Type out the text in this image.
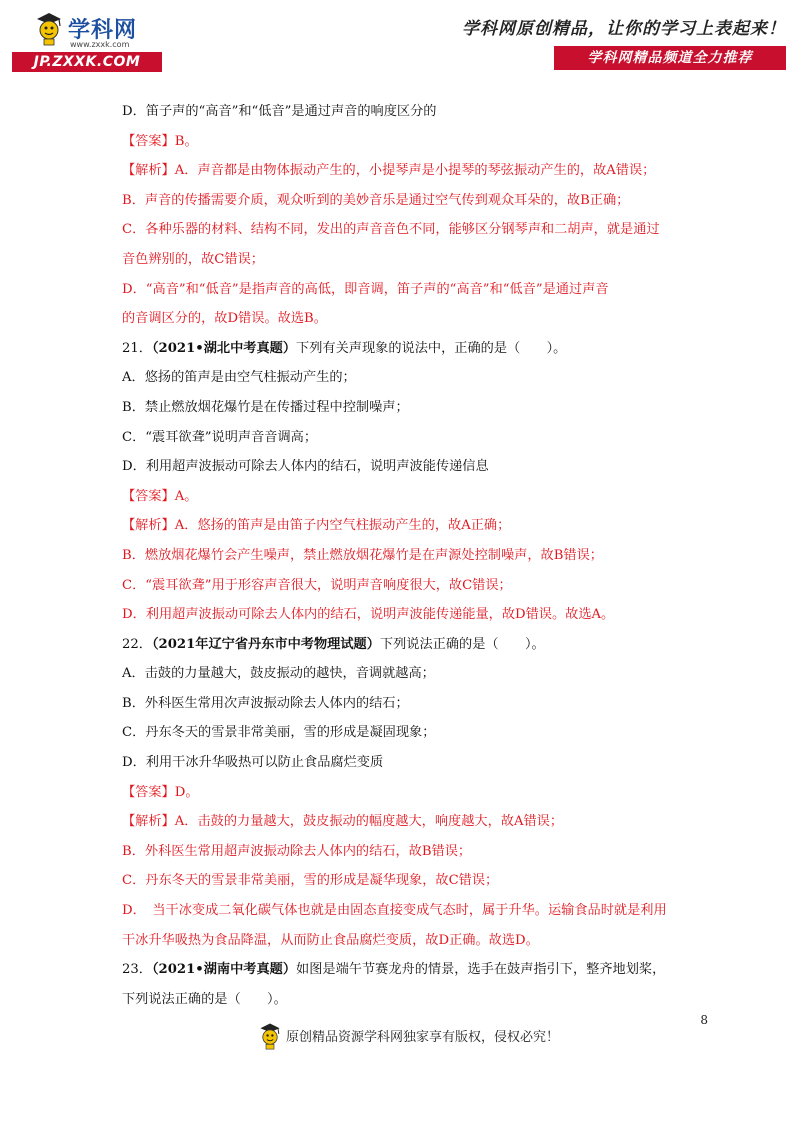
学科网
www.zxxk.com
JP.ZXXK.COM
学科网原创精品，让你的学习上表起来！
学科网精品频道全力推荐
D．笛子声的“高音”和“低音”是通过声音的响度区分的
【答案】B。
【解析】A．声音都是由物体振动产生的，小提琴声是小提琴的琴弦振动产生的，故A错误；
B．声音的传播需要介质，观众听到的美妙音乐是通过空气传到观众耳朵的，故B正确；
C．各种乐器的材料、结构不同，发出的声音音色不同，能够区分钢琴声和二胡声，就是通过
音色辨别的，故C错误；
D．“高音”和“低音”是指声音的高低，即音调，笛子声的“高音”和“低音”是通过声音
的音调区分的，故D错误。故选B。
21．（2021•湖北中考真题）下列有关声现象的说法中，正确的是（　　）。
A．悠扬的笛声是由空气柱振动产生的；
B．禁止燃放烟花爆竹是在传播过程中控制噪声；
C．“震耳欲聋”说明声音音调高；
D．利用超声波振动可除去人体内的结石，说明声波能传递信息
【答案】A。
【解析】A．悠扬的笛声是由笛子内空气柱振动产生的，故A正确；
B．燃放烟花爆竹会产生噪声，禁止燃放烟花爆竹是在声源处控制噪声，故B错误；
C．“震耳欲聋”用于形容声音很大，说明声音响度很大，故C错误；
D．利用超声波振动可除去人体内的结石，说明声波能传递能量，故D错误。故选A。
22．（2021年辽宁省丹东市中考物理试题）下列说法正确的是（　　）。
A．击鼓的力量越大，鼓皮振动的越快，音调就越高；
B．外科医生常用次声波振动除去人体内的结石；
C．丹东冬天的雪景非常美丽，雪的形成是凝固现象；
D．利用干冰升华吸热可以防止食品腐烂变质
【答案】D。
【解析】A．击鼓的力量越大，鼓皮振动的幅度越大，响度越大，故A错误；
B．外科医生常用超声波振动除去人体内的结石，故B错误；
C．丹东冬天的雪景非常美丽，雪的形成是凝华现象，故C错误；
D．　当干冰变成二氧化碳气体也就是由固态直接变成气态时，属于升华。运输食品时就是利用
干冰升华吸热为食品降温，从而防止食品腐烂变质，故D正确。故选D。
23．（2021•湖南中考真题）如图是端午节赛龙舟的情景，选手在鼓声指引下，整齐地划桨，
下列说法正确的是（　　）。
8
原创精品资源学科网独家享有版权，侵权必究！
